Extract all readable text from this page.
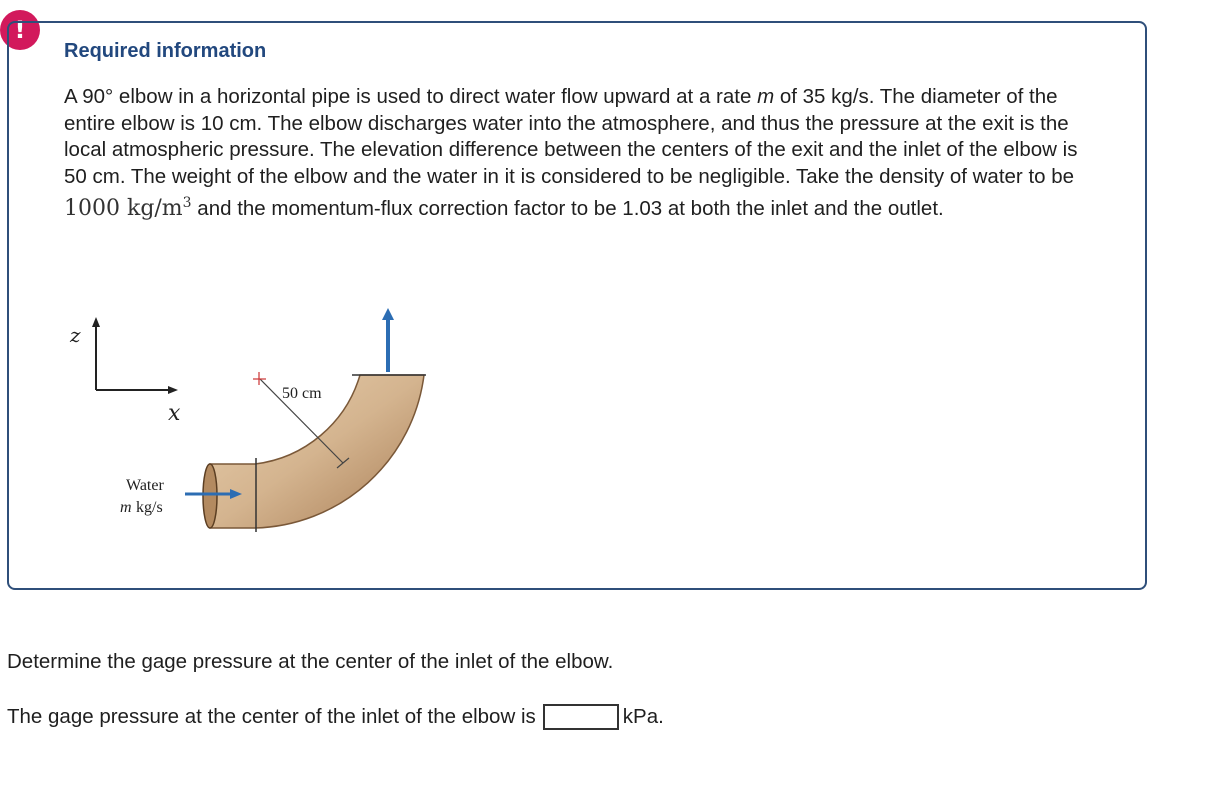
!
Required information
A 90° elbow in a horizontal pipe is used to direct water flow upward at a rate m of 35 kg/s. The diameter of the entire elbow is 10 cm. The elbow discharges water into the atmosphere, and thus the pressure at the exit is the local atmospheric pressure. The elevation difference between the centers of the exit and the inlet of the elbow is 50 cm. The weight of the elbow and the water in it is considered to be negligible. Take the density of water to be 1000 $kg/m^3$ and the momentum-flux correction factor to be 1.03 at both the inlet and the outlet.
z
x
50 cm
Water
m kg/s
Determine the gage pressure at the center of the inlet of the elbow.
The gage pressure at the center of the inlet of the elbow is	kPa.
